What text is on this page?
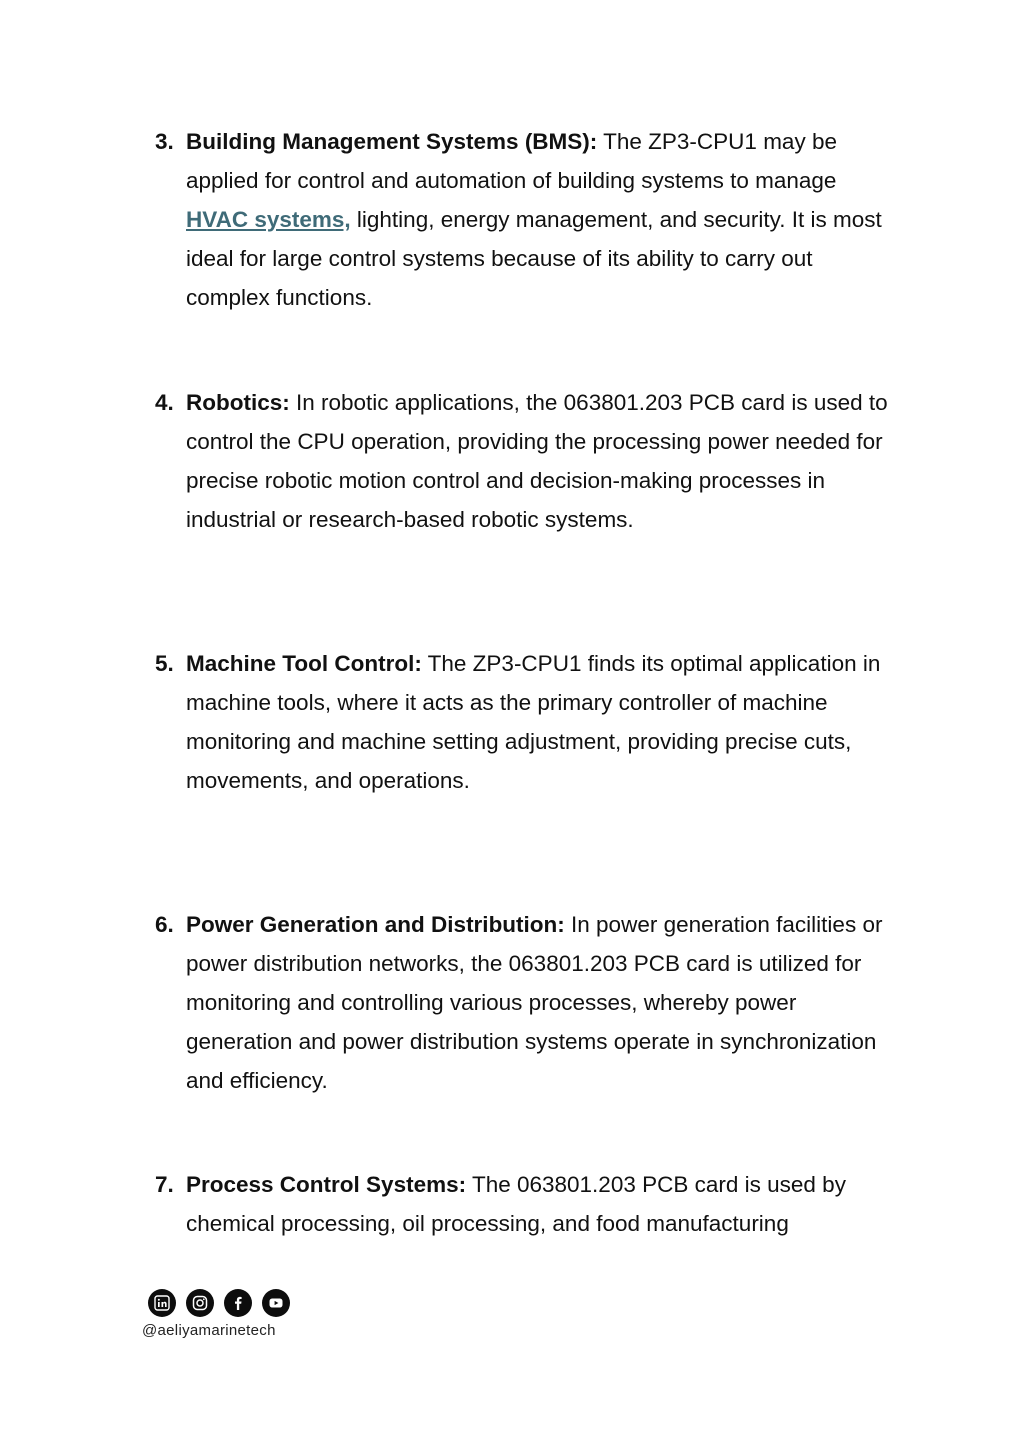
3. Building Management Systems (BMS): The ZP3-CPU1 may be applied for control and automation of building systems to manage HVAC systems, lighting, energy management, and security. It is most ideal for large control systems because of its ability to carry out complex functions.
4. Robotics: In robotic applications, the 063801.203 PCB card is used to control the CPU operation, providing the processing power needed for precise robotic motion control and decision-making processes in industrial or research-based robotic systems.
5. Machine Tool Control: The ZP3-CPU1 finds its optimal application in machine tools, where it acts as the primary controller of machine monitoring and machine setting adjustment, providing precise cuts, movements, and operations.
6. Power Generation and Distribution: In power generation facilities or power distribution networks, the 063801.203 PCB card is utilized for monitoring and controlling various processes, whereby power generation and power distribution systems operate in synchronization and efficiency.
7. Process Control Systems: The 063801.203 PCB card is used by chemical processing, oil processing, and food manufacturing
@aeliyamarinetech
